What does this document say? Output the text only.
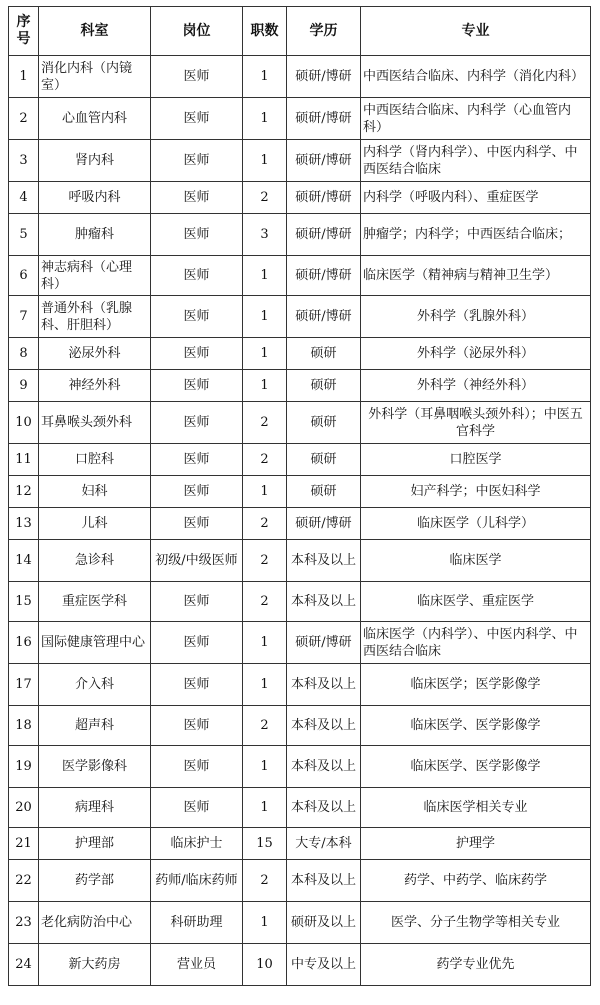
序号	科室	岗位	职数	学历	专业
1	消化内科（内镜室）	医师	1	硕研/博研	中西医结合临床、内科学（消化内科）
2	心血管内科	医师	1	硕研/博研	中西医结合临床、内科学（心血管内科）
3	肾内科	医师	1	硕研/博研	内科学（肾内科学）、中医内科学、中西医结合临床
4	呼吸内科	医师	2	硕研/博研	内科学（呼吸内科）、重症医学
5	肿瘤科	医师	3	硕研/博研	肿瘤学；内科学；中西医结合临床；
6	神志病科（心理科）	医师	1	硕研/博研	临床医学（精神病与精神卫生学）
7	普通外科（乳腺科、肝胆科）	医师	1	硕研/博研	外科学（乳腺外科）
8	泌尿外科	医师	1	硕研	外科学（泌尿外科）
9	神经外科	医师	1	硕研	外科学（神经外科）
10	耳鼻喉头颈外科	医师	2	硕研	外科学（耳鼻咽喉头颈外科）；中医五官科学
11	口腔科	医师	2	硕研	口腔医学
12	妇科	医师	1	硕研	妇产科学；中医妇科学
13	儿科	医师	2	硕研/博研	临床医学（儿科学）
14	急诊科	初级/中级医师	2	本科及以上	临床医学
15	重症医学科	医师	2	本科及以上	临床医学、重症医学
16	国际健康管理中心	医师	1	硕研/博研	临床医学（内科学）、中医内科学、中西医结合临床
17	介入科	医师	1	本科及以上	临床医学；医学影像学
18	超声科	医师	2	本科及以上	临床医学、医学影像学
19	医学影像科	医师	1	本科及以上	临床医学、医学影像学
20	病理科	医师	1	本科及以上	临床医学相关专业
21	护理部	临床护士	15	大专/本科	护理学
22	药学部	药师/临床药师	2	本科及以上	药学、中药学、临床药学
23	老化病防治中心	科研助理	1	硕研及以上	医学、分子生物学等相关专业
24	新大药房	营业员	10	中专及以上	药学专业优先
